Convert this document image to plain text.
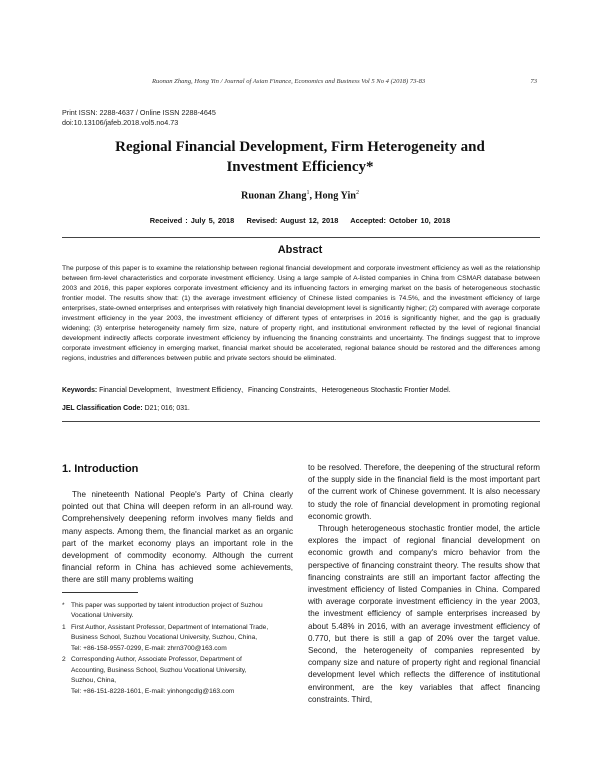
Ruonan Zhang, Hong Yin / Journal of Asian Finance, Economics and Business Vol 5 No 4 (2018) 73-83	73
Print ISSN: 2288-4637 / Online ISSN 2288-4645
doi:10.13106/jafeb.2018.vol5.no4.73
Regional Financial Development, Firm Heterogeneity and
Investment Efficiency*
Ruonan Zhang$^1$, Hong Yin$^2$
Received : July 5, 2018    Revised: August 12, 2018    Accepted: October 10, 2018
Abstract
The purpose of this paper is to examine the relationship between regional financial development and corporate investment efficiency as well as the relationship between firm-level characteristics and corporate investment efficiency. Using a large sample of A-listed companies in China from CSMAR database between 2003 and 2016, this paper explores corporate investment efficiency and its influencing factors in emerging market on the basis of heterogeneous stochastic frontier model. The results show that: (1) the average investment efficiency of Chinese listed companies is 74.5%, and the investment efficiency of large enterprises, state-owned enterprises and enterprises with relatively high financial development level is significantly higher; (2) compared with average corporate investment efficiency in the year 2003, the investment efficiency of different types of enterprises in 2016 is significantly higher, and the gap is gradually widening; (3) enterprise heterogeneity namely firm size, nature of property right, and institutional environment reflected by the level of regional financial development indirectly affects corporate investment efficiency by influencing the financing constraints and uncertainty. The findings suggest that to improve corporate investment efficiency in emerging market, financial market should be accelerated, regional balance should be restored and the differences among regions, industries and differences between public and private sectors should be eliminated.
Keywords: Financial Development、Investment Efficiency、Financing Constraints、Heterogeneous Stochastic Frontier Model.
JEL Classification Code: D21; 016; 031.
1. Introduction

The nineteenth National People's Party of China clearly pointed out that China will deepen reform in an all-round way. Comprehensively deepening reform involves many fields and many aspects. Among them, the financial market as an organic part of the market economy plays an important role in the development of commodity economy. Although the current financial reform in China has achieved some achievements, there are still many problems waiting

* This paper was supported by talent introduction project of Suzhou
Vocational University.
1 First Author, Assistant Professor, Department of International Trade,
Business School, Suzhou Vocational University, Suzhou, China,
Tel: +86-158-9557-0299, E-mail: zhrn3700@163.com
2 Corresponding Author, Associate Professor, Department of
Accounting, Business School, Suzhou Vocational University,
Suzhou, China,
Tel: +86-151-8228-1601, E-mail: yinhongcdlg@163.com

to be resolved. Therefore, the deepening of the structural reform of the supply side in the financial field is the most important part of the current work of Chinese government. It is also necessary to study the role of financial development in promoting regional economic growth.

Through heterogeneous stochastic frontier model, the article explores the impact of regional financial development on economic growth and company's micro behavior from the perspective of financing constraint theory. The results show that financing constraints are still an important factor affecting the investment efficiency of listed Companies in China. Compared with average corporate investment efficiency in the year 2003, the investment efficiency of sample enterprises increased by about 5.48% in 2016, with an average investment efficiency of 0.770, but there is still a gap of 20% over the target value. Second, the heterogeneity of companies represented by company size and nature of property right and regional financial development level which reflects the difference of institutional environment, are the key variables that affect financing constraints. Third,
